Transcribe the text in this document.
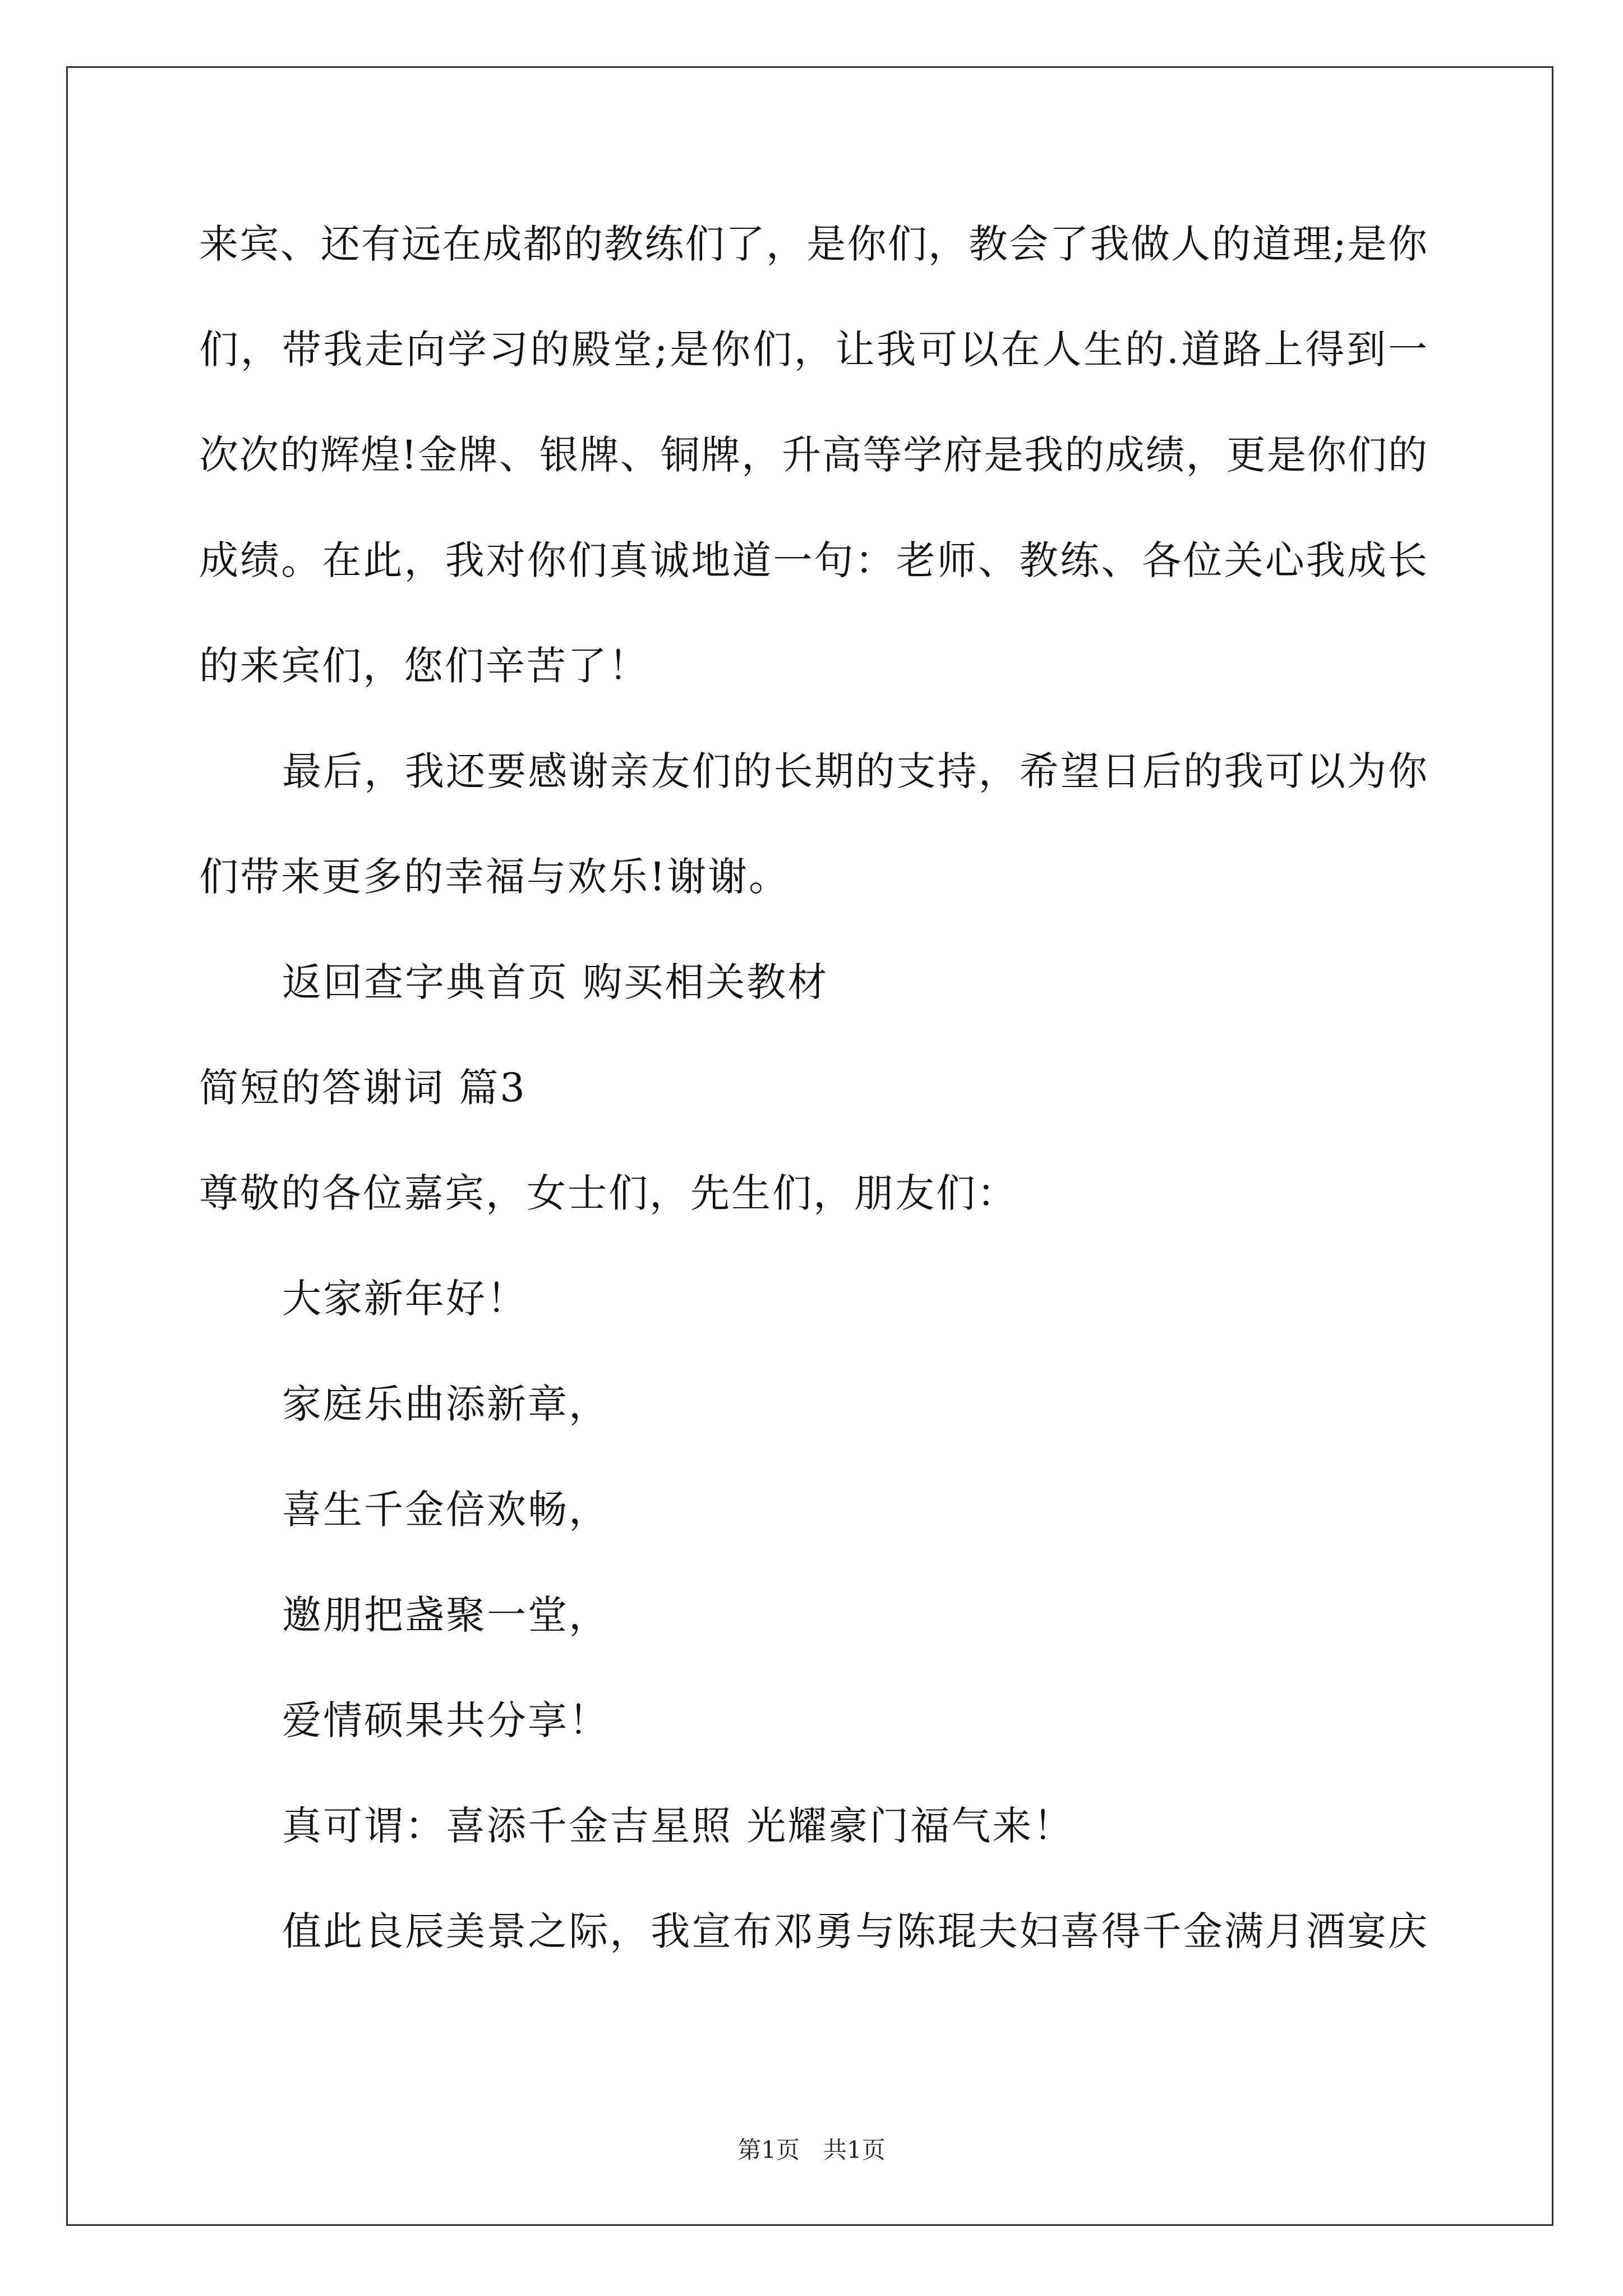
来宾、还有远在成都的教练们了，是你们，教会了我做人的道理;是你
们，带我走向学习的殿堂;是你们，让我可以在人生的.道路上得到一
次次的辉煌!金牌、银牌、铜牌，升高等学府是我的成绩，更是你们的
成绩。在此，我对你们真诚地道一句：老师、教练、各位关心我成长
的来宾们，您们辛苦了！
最后，我还要感谢亲友们的长期的支持，希望日后的我可以为你
们带来更多的幸福与欢乐!谢谢。
返回查字典首页 购买相关教材
简短的答谢词 篇3
尊敬的各位嘉宾，女士们，先生们，朋友们：
大家新年好！
家庭乐曲添新章，
喜生千金倍欢畅，
邀朋把盏聚一堂，
爱情硕果共分享！
真可谓：喜添千金吉星照 光耀豪门福气来！
值此良辰美景之际，我宣布邓勇与陈琨夫妇喜得千金满月酒宴庆
第1页　共1页
